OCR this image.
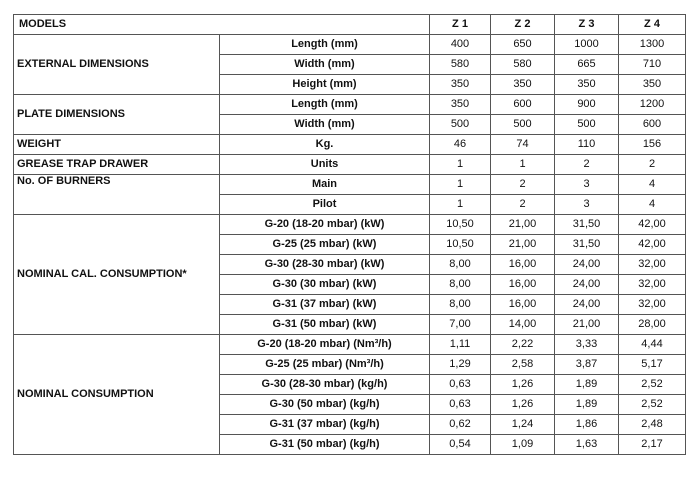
MODELS		Z 1	Z 2	Z 3	Z 4
EXTERNAL DIMENSIONS	Length (mm)	400	650	1000	1300
	Width (mm)	580	580	665	710
	Height (mm)	350	350	350	350
PLATE DIMENSIONS	Length (mm)	350	600	900	1200
	Width (mm)	500	500	500	600
WEIGHT	Kg.	46	74	110	156
GREASE TRAP DRAWER	Units	1	1	2	2
No. OF BURNERS	Main	1	2	3	4
	Pilot	1	2	3	4
NOMINAL CAL. CONSUMPTION*	G-20 (18-20 mbar) (kW)	10,50	21,00	31,50	42,00
	G-25 (25 mbar) (kW)	10,50	21,00	31,50	42,00
	G-30 (28-30 mbar) (kW)	8,00	16,00	24,00	32,00
	G-30 (30 mbar) (kW)	8,00	16,00	24,00	32,00
	G-31 (37 mbar) (kW)	8,00	16,00	24,00	32,00
	G-31 (50 mbar) (kW)	7,00	14,00	21,00	28,00
NOMINAL CONSUMPTION	G-20 (18-20 mbar) (Nm³/h)	1,11	2,22	3,33	4,44
	G-25 (25 mbar) (Nm³/h)	1,29	2,58	3,87	5,17
	G-30 (28-30 mbar) (kg/h)	0,63	1,26	1,89	2,52
	G-30 (50 mbar) (kg/h)	0,63	1,26	1,89	2,52
	G-31 (37 mbar) (kg/h)	0,62	1,24	1,86	2,48
	G-31 (50 mbar) (kg/h)	0,54	1,09	1,63	2,17
